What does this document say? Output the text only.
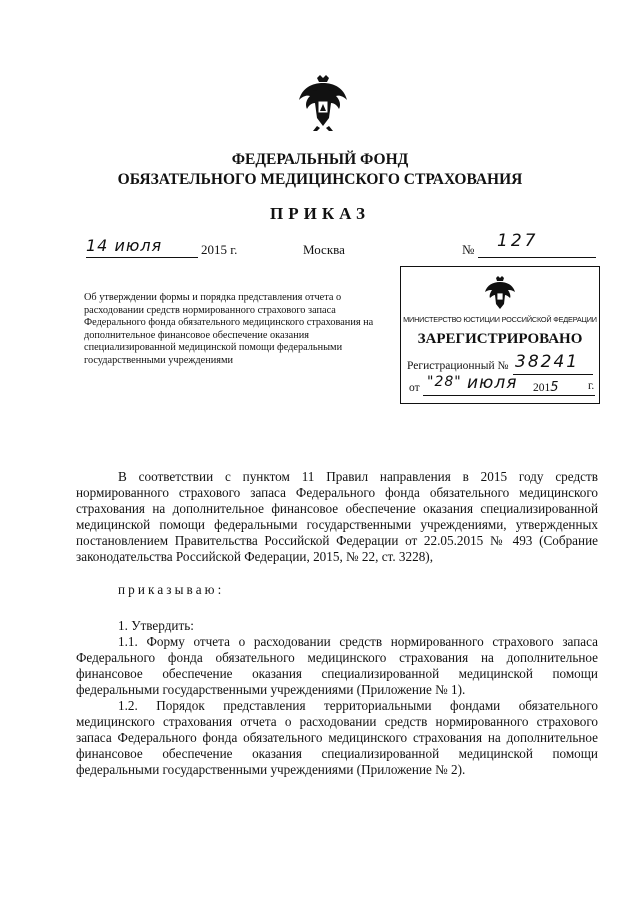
ФЕДЕРАЛЬНЫЙ ФОНД
ОБЯЗАТЕЛЬНОГО МЕДИЦИНСКОГО СТРАХОВАНИЯ
ПРИКАЗ
14 июля	2015 г.	Москва	№ 127
Об утверждении формы и порядка представления отчета о расходовании средств нормированного страхового запаса Федерального фонда обязательного медицинского страхования на дополнительное финансовое обеспечение оказания специализированной медицинской помощи федеральными государственными учреждениями
МИНИСТЕРСТВО ЮСТИЦИИ РОССИЙСКОЙ ФЕДЕРАЦИИ
ЗАРЕГИСТРИРОВАНО
Регистрационный № 38241
от "28" июля 2015 г.
В соответствии с пунктом 11 Правил направления в 2015 году средств нормированного страхового запаса Федерального фонда обязательного медицинского страхования на дополнительное финансовое обеспечение оказания специализированной медицинской помощи федеральными государственными учреждениями, утвержденных постановлением Правительства Российской Федерации от 22.05.2015 № 493 (Собрание законодательства Российской Федерации, 2015, № 22, ст. 3228),
приказываю:
1. Утвердить:
1.1. Форму отчета о расходовании средств нормированного страхового запаса Федерального фонда обязательного медицинского страхования на дополнительное финансовое обеспечение оказания специализированной медицинской помощи федеральными государственными учреждениями (Приложение № 1).
1.2. Порядок представления территориальными фондами обязательного медицинского страхования отчета о расходовании средств нормированного страхового запаса Федерального фонда обязательного медицинского страхования на дополнительное финансовое обеспечение оказания специализированной медицинской помощи федеральными государственными учреждениями (Приложение № 2).
